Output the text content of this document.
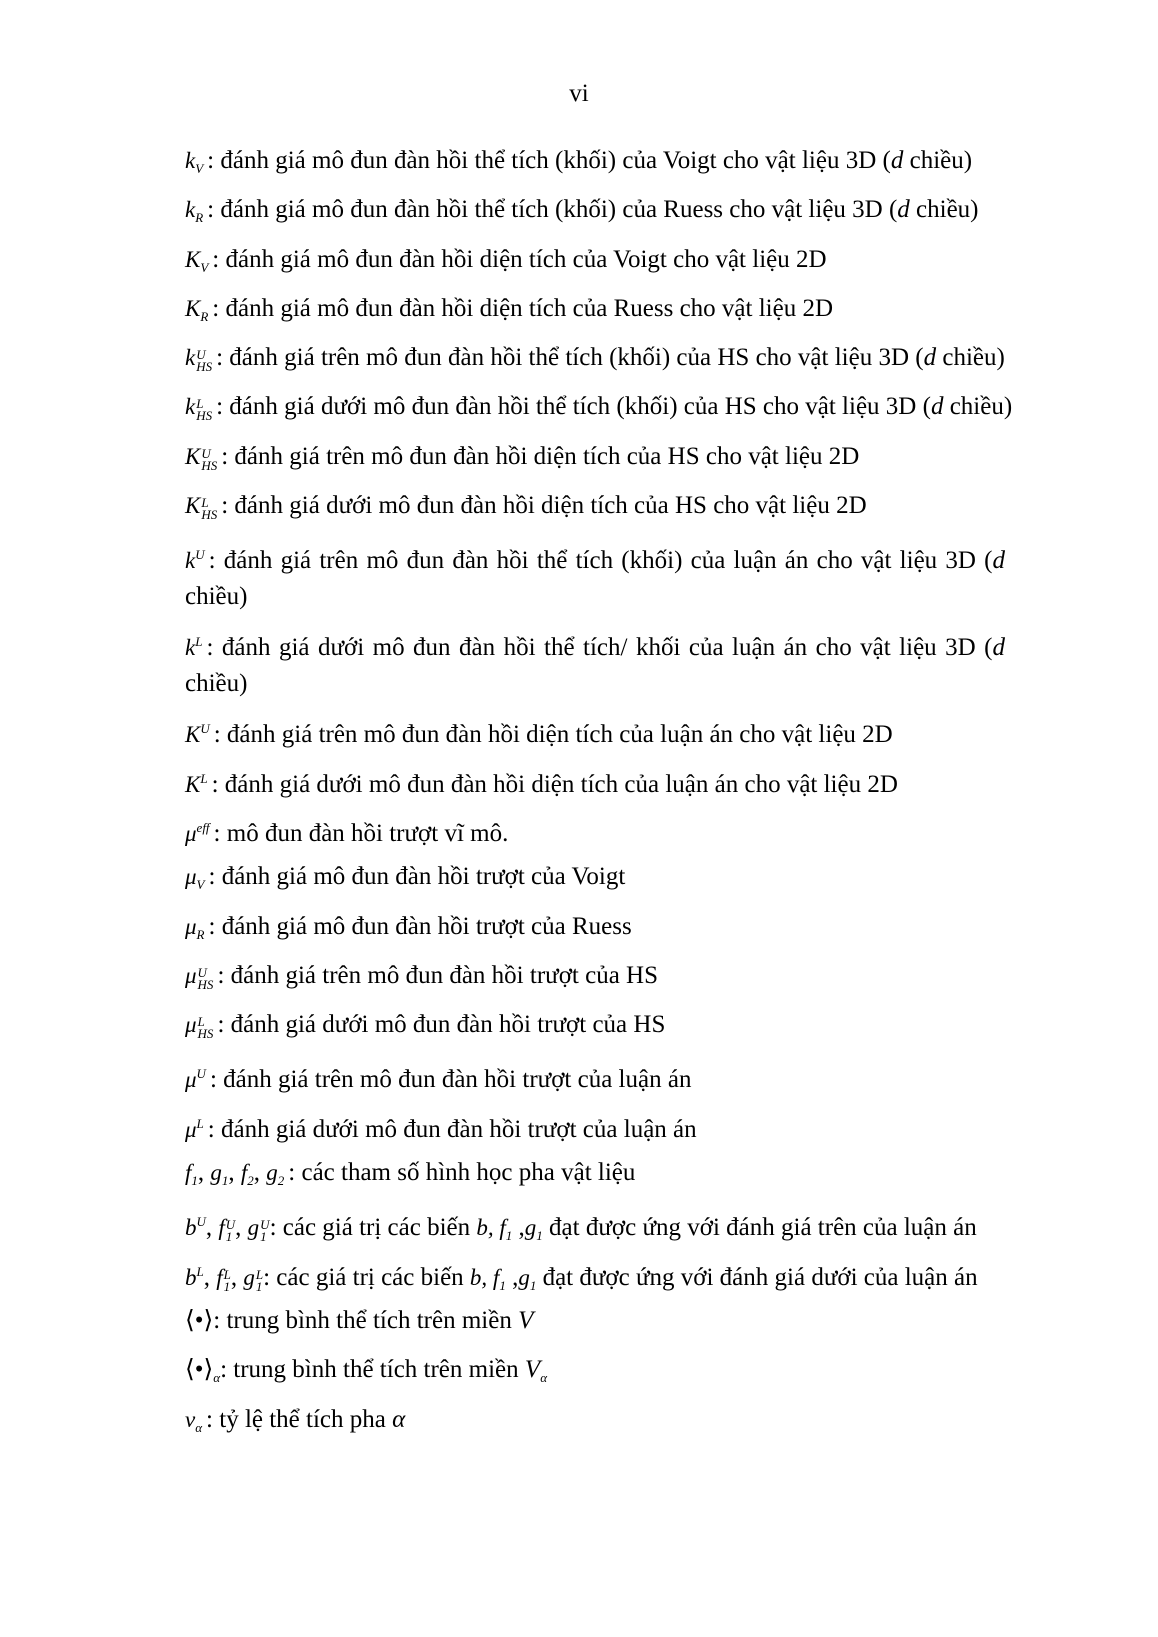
vi
$k_V$ : đánh giá mô đun đàn hồi thể tích (khối) của Voigt cho vật liệu 3D (d chiều)
$k_R$ : đánh giá mô đun đàn hồi thể tích (khối) của Ruess cho vật liệu 3D (d chiều)
$K_V$ : đánh giá mô đun đàn hồi diện tích của Voigt cho vật liệu 2D
$K_R$ : đánh giá mô đun đàn hồi diện tích của Ruess cho vật liệu 2D
k U
HS : đánh giá trên mô đun đàn hồi thể tích (khối) của HS cho vật liệu 3D (d chiều)
k L
HS : đánh giá dưới mô đun đàn hồi thể tích (khối) của HS cho vật liệu 3D (d chiều)
K U
HS : đánh giá trên mô đun đàn hồi diện tích của HS cho vật liệu 2D
K L
HS : đánh giá dưới mô đun đàn hồi diện tích của HS cho vật liệu 2D
$k^U$ : đánh giá trên mô đun đàn hồi thể tích (khối) của luận án cho vật liệu 3D (d
chiều)
$k^L$ : đánh giá dưới mô đun đàn hồi thể tích/ khối của luận án cho vật liệu 3D (d
chiều)
$K^U$ : đánh giá trên mô đun đàn hồi diện tích của luận án cho vật liệu 2D
$K^L$ : đánh giá dưới mô đun đàn hồi diện tích của luận án cho vật liệu 2D
$\mu^{eff}$ : mô đun đàn hồi trượt vĩ mô.
$\mu_V$ : đánh giá mô đun đàn hồi trượt của Voigt
$\mu_R$ : đánh giá mô đun đàn hồi trượt của Ruess
μ U
HS : đánh giá trên mô đun đàn hồi trượt của HS
μ L
HS : đánh giá dưới mô đun đàn hồi trượt của HS
$\mu^U$ : đánh giá trên mô đun đàn hồi trượt của luận án
$\mu^L$ : đánh giá dưới mô đun đàn hồi trượt của luận án
$f_1$, $g_1$, $f_2$, $g_2$ : các tham số hình học pha vật liệu
$b^U$, f U
1 , g U
1 : các giá trị các biến b, $f_1$ $,g_1$ đạt được ứng với đánh giá trên của luận án
$b^L$, f L
1 , g L
1 : các giá trị các biến b, $f_1$ $,g_1$ đạt được ứng với đánh giá dưới của luận án
⟨•⟩: trung bình thể tích trên miền V
$⟨•⟩_\alpha$: trung bình thể tích trên miền $V_\alpha$
$v_\alpha$ : tỷ lệ thể tích pha α
